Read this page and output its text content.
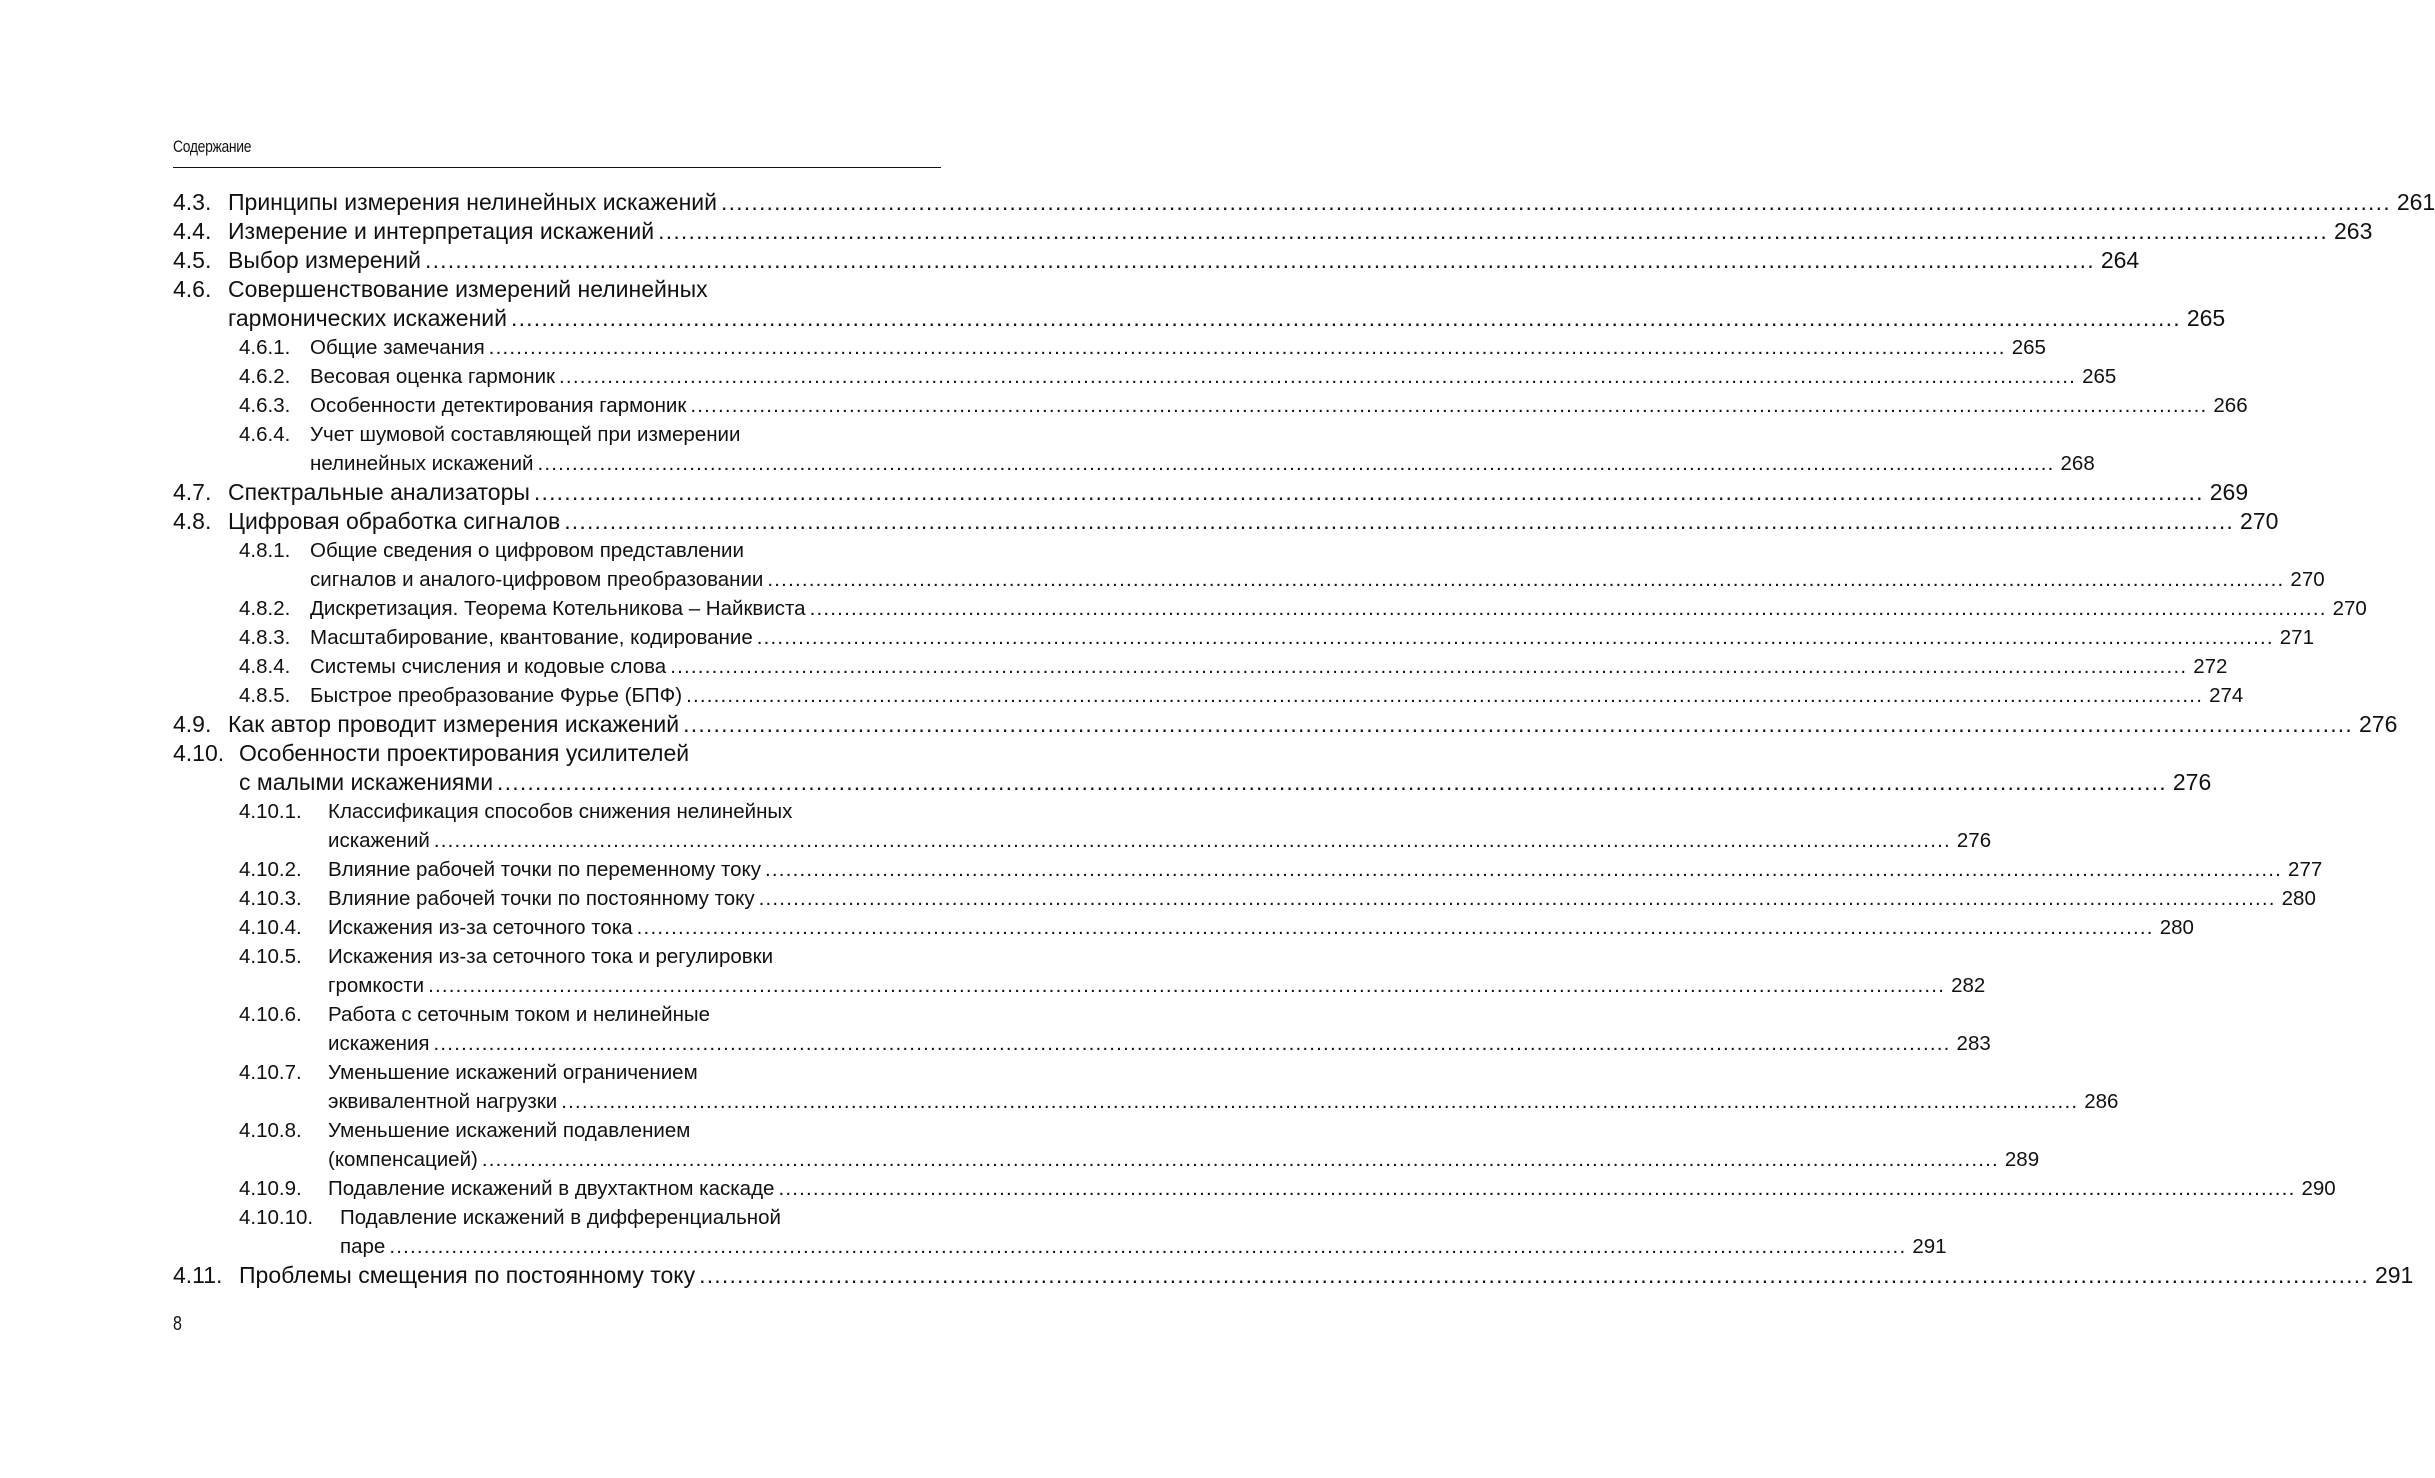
Содержание
Принципы измерения нелинейных искажений ............................................................................................................................................................................................................................ 261
4.3.
Измерение и интерпретация искажений ............................................................................................................................................................................................................................ 263
4.4.
Выбор измерений ............................................................................................................................................................................................................................ 264
4.5.
4.6. Совершенствование измерений нелинейных
гармонических искажений ............................................................................................................................................................................................................................ 265
Общие замечания ............................................................................................................................................................................................................................ 265
4.6.1.
Весовая оценка гармоник ............................................................................................................................................................................................................................ 265
4.6.2.
Особенности детектирования гармоник ............................................................................................................................................................................................................................ 266
4.6.3.
4.6.4. Учет шумовой составляющей при измерении
нелинейных искажений ............................................................................................................................................................................................................................ 268
Спектральные анализаторы ............................................................................................................................................................................................................................ 269
4.7.
Цифровая обработка сигналов ............................................................................................................................................................................................................................ 270
4.8.
4.8.1. Общие сведения о цифровом представлении
сигналов и аналого-цифровом преобразовании ............................................................................................................................................................................................................................ 270
Дискретизация. Теорема Котельникова – Найквиста ............................................................................................................................................................................................................................ 270
4.8.2.
Масштабирование, квантование, кодирование ............................................................................................................................................................................................................................ 271
4.8.3.
Системы счисления и кодовые слова ............................................................................................................................................................................................................................ 272
4.8.4.
Быстрое преобразование Фурье (БПФ) ............................................................................................................................................................................................................................ 274
4.8.5.
Как автор проводит измерения искажений ............................................................................................................................................................................................................................ 276
4.9.
4.10. Особенности проектирования усилителей
с малыми искажениями ............................................................................................................................................................................................................................ 276
4.10.1. Классификация способов снижения нелинейных
искажений ............................................................................................................................................................................................................................ 276
Влияние рабочей точки по переменному току ............................................................................................................................................................................................................................ 277
4.10.2.
Влияние рабочей точки по постоянному току ............................................................................................................................................................................................................................ 280
4.10.3.
Искажения из-за сеточного тока ............................................................................................................................................................................................................................ 280
4.10.4.
4.10.5. Искажения из-за сеточного тока и регулировки
громкости ............................................................................................................................................................................................................................ 282
4.10.6. Работа с сеточным током и нелинейные
искажения ............................................................................................................................................................................................................................ 283
4.10.7. Уменьшение искажений ограничением
эквивалентной нагрузки ............................................................................................................................................................................................................................ 286
4.10.8. Уменьшение искажений подавлением
(компенсацией) ............................................................................................................................................................................................................................ 289
Подавление искажений в двухтактном каскаде ............................................................................................................................................................................................................................ 290
4.10.9.
4.10.10. Подавление искажений в дифференциальной
паре ............................................................................................................................................................................................................................ 291
Проблемы смещения по постоянному току ............................................................................................................................................................................................................................ 291
4.11.
8
